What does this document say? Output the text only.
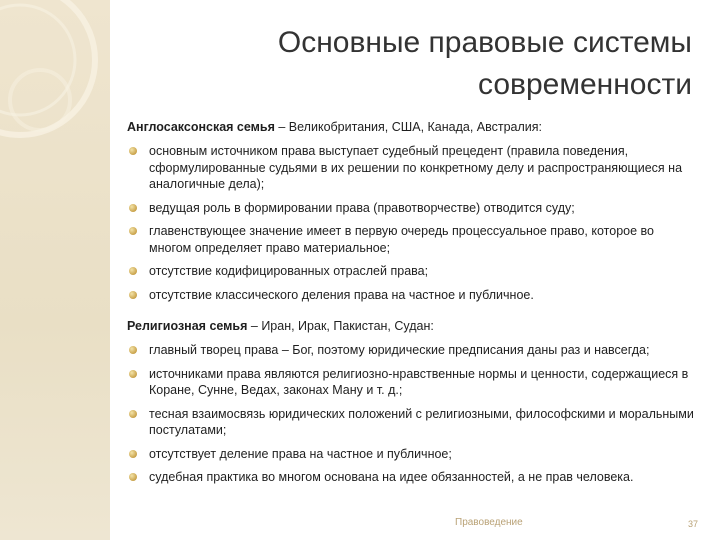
Основные правовые системы
современности
Англосаксонская семья – Великобритания, США, Канада, Австралия:
основным источником права выступает судебный прецедент (правила поведения, сформулированные судьями в их решении по конкретному делу и распространяющиеся на аналогичные дела);
ведущая роль в формировании права (правотворчестве) отводится суду;
главенствующее значение имеет в первую очередь процессуальное право, которое во многом определяет право материальное;
отсутствие кодифицированных отраслей права;
отсутствие классического деления права на частное и публичное.
Религиозная семья – Иран, Ирак, Пакистан, Судан:
главный творец права – Бог, поэтому юридические предписания даны раз и навсегда;
источниками права являются религиозно-нравственные нормы и ценности, содержащиеся в Коране, Сунне, Ведах, законах Ману и т. д.;
тесная взаимосвязь юридических положений с религиозными, философскими и моральными постулатами;
отсутствует деление права на частное и публичное;
судебная практика во многом основана на идее обязанностей, а не прав человека.
Правоведение	37
